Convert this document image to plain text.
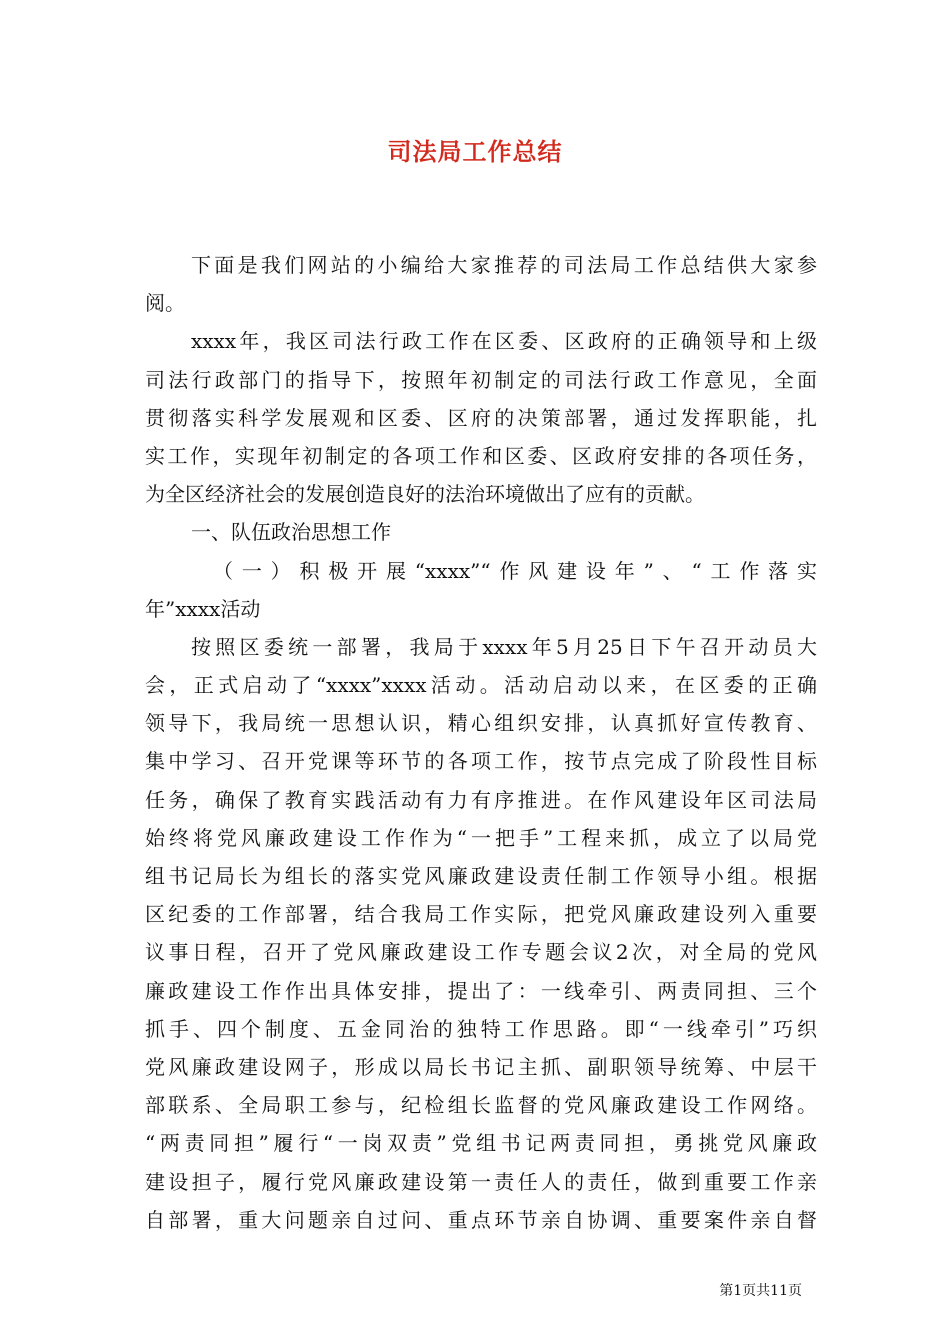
司法局工作总结
下面是我们网站的小编给大家推荐的司法局工作总结供大家参
阅。
xxxx年，我区司法行政工作在区委、区政府的正确领导和上级
司法行政部门的指导下，按照年初制定的司法行政工作意见，全面
贯彻落实科学发展观和区委、区府的决策部署，通过发挥职能，扎
实工作，实现年初制定的各项工作和区委、区政府安排的各项任务，
为全区经济社会的发展创造良好的法治环境做出了应有的贡献。
一、队伍政治思想工作
（一）积极开展“xxxx”“作风建设年”、“工作落实
年”xxxx活动
按照区委统一部署，我局于xxxx年5月25日下午召开动员大
会，正式启动了“xxxx”xxxx活动。活动启动以来，在区委的正确
领导下，我局统一思想认识，精心组织安排，认真抓好宣传教育、
集中学习、召开党课等环节的各项工作，按节点完成了阶段性目标
任务，确保了教育实践活动有力有序推进。在作风建设年区司法局
始终将党风廉政建设工作作为“一把手”工程来抓，成立了以局党
组书记局长为组长的落实党风廉政建设责任制工作领导小组。根据
区纪委的工作部署，结合我局工作实际，把党风廉政建设列入重要
议事日程，召开了党风廉政建设工作专题会议2次，对全局的党风
廉政建设工作作出具体安排，提出了：一线牵引、两责同担、三个
抓手、四个制度、五金同治的独特工作思路。即“一线牵引”巧织
党风廉政建设网子，形成以局长书记主抓、副职领导统筹、中层干
部联系、全局职工参与，纪检组长监督的党风廉政建设工作网络。
“两责同担”履行“一岗双责”党组书记两责同担，勇挑党风廉政
建设担子，履行党风廉政建设第一责任人的责任，做到重要工作亲
自部署，重大问题亲自过问、重点环节亲自协调、重要案件亲自督
第1页共11页
